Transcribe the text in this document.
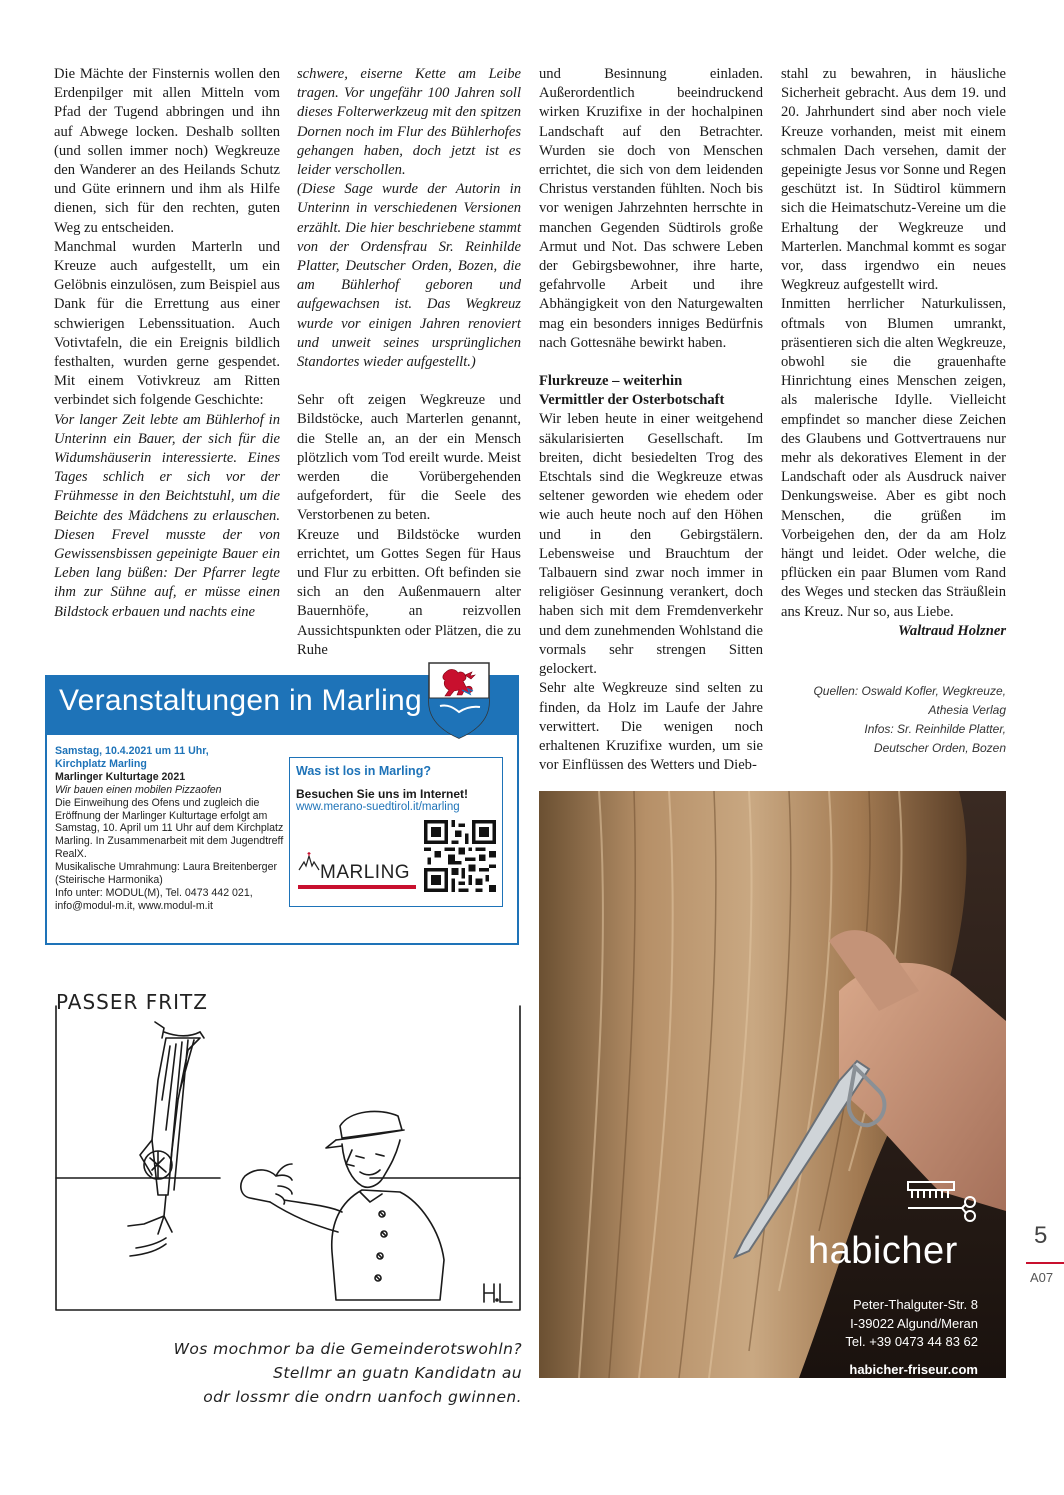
Die Mächte der Finsternis wollen den Erdenpilger mit allen Mitteln vom Pfad der Tugend abbringen und ihn auf Abwege locken. Deshalb sollten (und sollen immer noch) Wegkreuze den Wanderer an des Heilands Schutz und Güte erinnern und ihm als Hilfe dienen, sich für den rechten, guten Weg zu entscheiden.

Manchmal wurden Marterln und Kreuze auch aufgestellt, um ein Gelöbnis einzulösen, zum Beispiel aus Dank für die Errettung aus einer schwierigen Lebenssituation. Auch Votivtafeln, die ein Ereignis bildlich festhalten, wurden gerne gespendet. Mit einem Votivkreuz am Ritten verbindet sich folgende Geschichte:

Vor langer Zeit lebte am Bühlerhof in Unterinn ein Bauer, der sich für die Widumshäuserin interessierte. Eines Tages schlich er sich vor der Frühmesse in den Beichtstuhl, um die Beichte des Mädchens zu erlauschen. Diesen Frevel musste der von Gewissensbissen gepeinigte Bauer ein Leben lang büßen: Der Pfarrer legte ihm zur Sühne auf, er müsse einen Bildstock erbauen und nachts eine

schwere, eiserne Kette am Leibe tragen. Vor ungefähr 100 Jahren soll dieses Folterwerkzeug mit den spitzen Dornen noch im Flur des Bühlerhofes gehangen haben, doch jetzt ist es leider verschollen.

(Diese Sage wurde der Autorin in Unterinn in verschiedenen Versionen erzählt. Die hier beschriebene stammt von der Ordensfrau Sr. Reinhilde Platter, Deutscher Orden, Bozen, die am Bühlerhof geboren und aufgewachsen ist. Das Wegkreuz wurde vor einigen Jahren renoviert und unweit seines ursprünglichen Standortes wieder aufgestellt.)

Sehr oft zeigen Wegkreuze und Bildstöcke, auch Marterlen genannt, die Stelle an, an der ein Mensch plötzlich vom Tod ereilt wurde. Meist werden die Vorübergehenden aufgefordert, für die Seele des Verstorbenen zu beten.

Kreuze und Bildstöcke wurden errichtet, um Gottes Segen für Haus und Flur zu erbitten. Oft befinden sie sich an den Außenmauern alter Bauernhöfe, an reizvollen Aussichtspunkten oder Plätzen, die zu Ruhe

und Besinnung einladen. Außerordentlich beeindruckend wirken Kruzifixe in der hochalpinen Landschaft auf den Betrachter. Wurden sie doch von Menschen errichtet, die sich von dem leidenden Christus verstanden fühlten. Noch bis vor wenigen Jahrzehnten herrschte in manchen Gegenden Südtirols große Armut und Not. Das schwere Leben der Gebirgsbewohner, ihre harte, gefahrvolle Arbeit und ihre Abhängigkeit von den Naturgewalten mag ein besonders inniges Bedürfnis nach Gottesnähe bewirkt haben.

Flurkreuze – weiterhin

Vermittler der Osterbotschaft

Wir leben heute in einer weitgehend säkularisierten Gesellschaft. Im breiten, dicht besiedelten Trog des Etschtals sind die Wegkreuze etwas seltener geworden wie ehedem oder wie auch heute noch auf den Höhen und in den Gebirgstälern. Lebensweise und Brauchtum der Talbauern sind zwar noch immer in religiöser Gesinnung verankert, doch haben sich mit dem Fremdenverkehr und dem zunehmenden Wohlstand die vormals sehr strengen Sitten gelockert.

Sehr alte Wegkreuze sind selten zu finden, da Holz im Laufe der Jahre verwittert. Die wenigen noch erhaltenen Kruzifixe wurden, um sie vor Einflüssen des Wetters und Dieb-

stahl zu bewahren, in häusliche Sicherheit gebracht. Aus dem 19. und 20. Jahrhundert sind aber noch viele Kreuze vorhanden, meist mit einem schmalen Dach versehen, damit der gepeinigte Jesus vor Sonne und Regen geschützt ist. In Südtirol kümmern sich die Heimatschutz-Vereine um die Erhaltung der Wegkreuze und Marterlen. Manchmal kommt es sogar vor, dass irgendwo ein neues Wegkreuz aufgestellt wird.

Inmitten herrlicher Naturkulissen, oftmals von Blumen umrankt, präsentieren sich die alten Wegkreuze, obwohl sie die grauenhafte Hinrichtung eines Menschen zeigen, als malerische Idylle. Vielleicht empfindet so mancher diese Zeichen des Glaubens und Gottvertrauens nur mehr als dekoratives Element in der Landschaft oder als Ausdruck naiver Denkungsweise. Aber es gibt noch Menschen, die grüßen im Vorbeigehen den, der da am Holz hängt und leidet. Oder welche, die pflücken ein paar Blumen vom Rand des Weges und stecken das Sträußlein ans Kreuz. Nur so, aus Liebe.

Waltraud Holzner

Quellen: Oswald Kofler, Wegkreuze,
Athesia Verlag
Infos: Sr. Reinhilde Platter,
Deutscher Orden, Bozen
Veranstaltungen in Marling
Samstag, 10.4.2021 um 11 Uhr,
Kirchplatz Marling
Marlinger Kulturtage 2021
Wir bauen einen mobilen Pizzaofen
Die Einweihung des Ofens und zugleich die Eröffnung der Marlinger Kulturtage erfolgt am Samstag, 10. April um 11 Uhr auf dem Kirchplatz Marling. In Zusammenarbeit mit dem Jugendtreff RealX.
Musikalische Umrahmung: Laura Breitenberger (Steirische Harmonika)
Info unter: MODUL(M), Tel. 0473 442 021, info@modul-m.it, www.modul-m.it
Was ist los in Marling?
Besuchen Sie uns im Internet!
www.merano-suedtirol.it/marling
MARLING
PASSER FRITZ
Wos mochmor ba die Gemeinderotswohln?
Stellmr an guatn Kandidatn au
odr lossmr die ondrn uanfoch gwinnen.
habicher
Peter-Thalguter-Str. 8
I-39022 Algund/Meran
Tel. +39 0473 44 83 62
habicher-friseur.com
5
A07
